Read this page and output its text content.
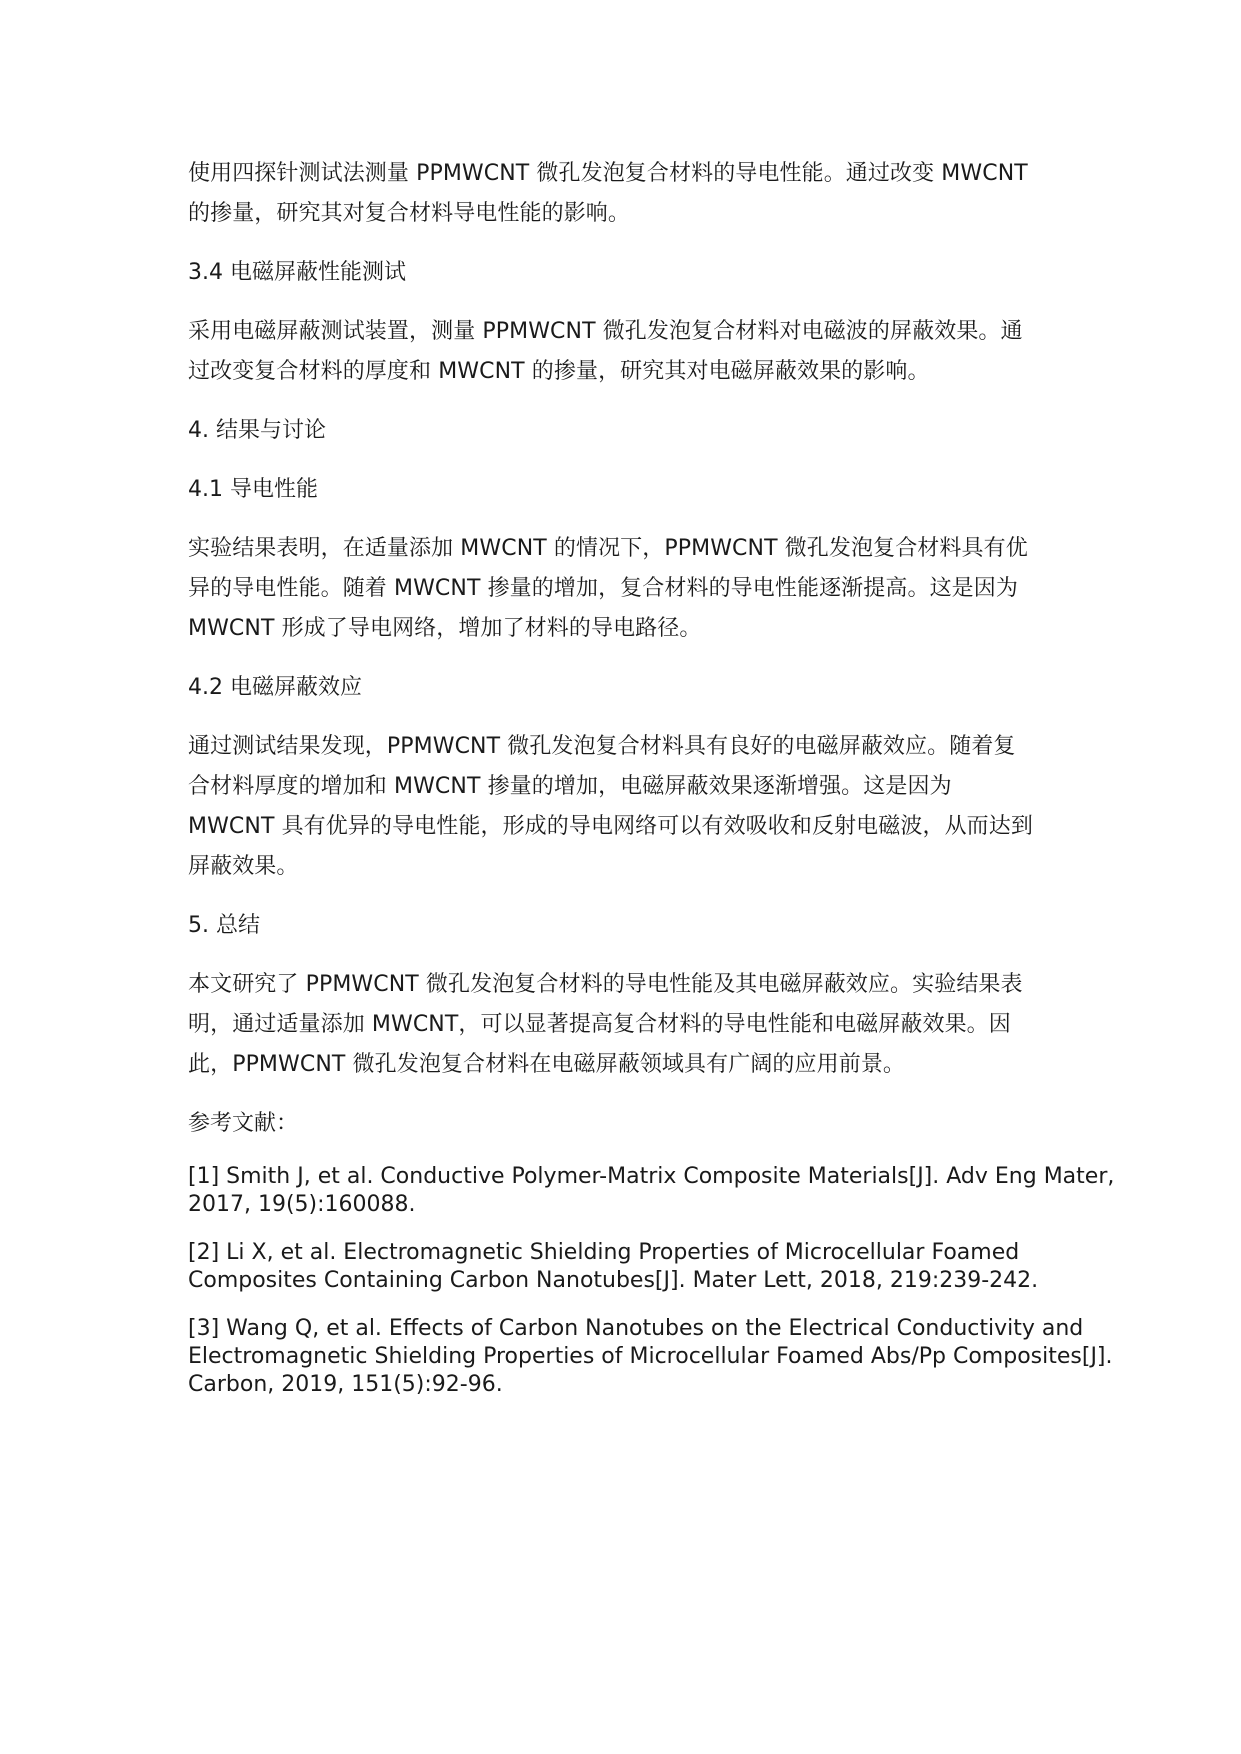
使用四探针测试法测量 PPMWCNT 微孔发泡复合材料的导电性能。通过改变 MWCNT
的掺量，研究其对复合材料导电性能的影响。

3.4 电磁屏蔽性能测试

采用电磁屏蔽测试装置，测量 PPMWCNT 微孔发泡复合材料对电磁波的屏蔽效果。通
过改变复合材料的厚度和 MWCNT 的掺量，研究其对电磁屏蔽效果的影响。

4. 结果与讨论

4.1 导电性能

实验结果表明，在适量添加 MWCNT 的情况下，PPMWCNT 微孔发泡复合材料具有优
异的导电性能。随着 MWCNT 掺量的增加，复合材料的导电性能逐渐提高。这是因为
MWCNT 形成了导电网络，增加了材料的导电路径。

4.2 电磁屏蔽效应

通过测试结果发现，PPMWCNT 微孔发泡复合材料具有良好的电磁屏蔽效应。随着复
合材料厚度的增加和 MWCNT 掺量的增加，电磁屏蔽效果逐渐增强。这是因为
MWCNT 具有优异的导电性能，形成的导电网络可以有效吸收和反射电磁波，从而达到
屏蔽效果。

5. 总结

本文研究了 PPMWCNT 微孔发泡复合材料的导电性能及其电磁屏蔽效应。实验结果表
明，通过适量添加 MWCNT，可以显著提高复合材料的导电性能和电磁屏蔽效果。因
此，PPMWCNT 微孔发泡复合材料在电磁屏蔽领域具有广阔的应用前景。

参考文献：

[1] Smith J, et al. Conductive Polymer-Matrix Composite Materials[J]. Adv Eng Mater,
2017, 19(5):160088.

[2] Li X, et al. Electromagnetic Shielding Properties of Microcellular Foamed
Composites Containing Carbon Nanotubes[J]. Mater Lett, 2018, 219:239-242.

[3] Wang Q, et al. Effects of Carbon Nanotubes on the Electrical Conductivity and
Electromagnetic Shielding Properties of Microcellular Foamed Abs/Pp Composites[J].
Carbon, 2019, 151(5):92-96.
